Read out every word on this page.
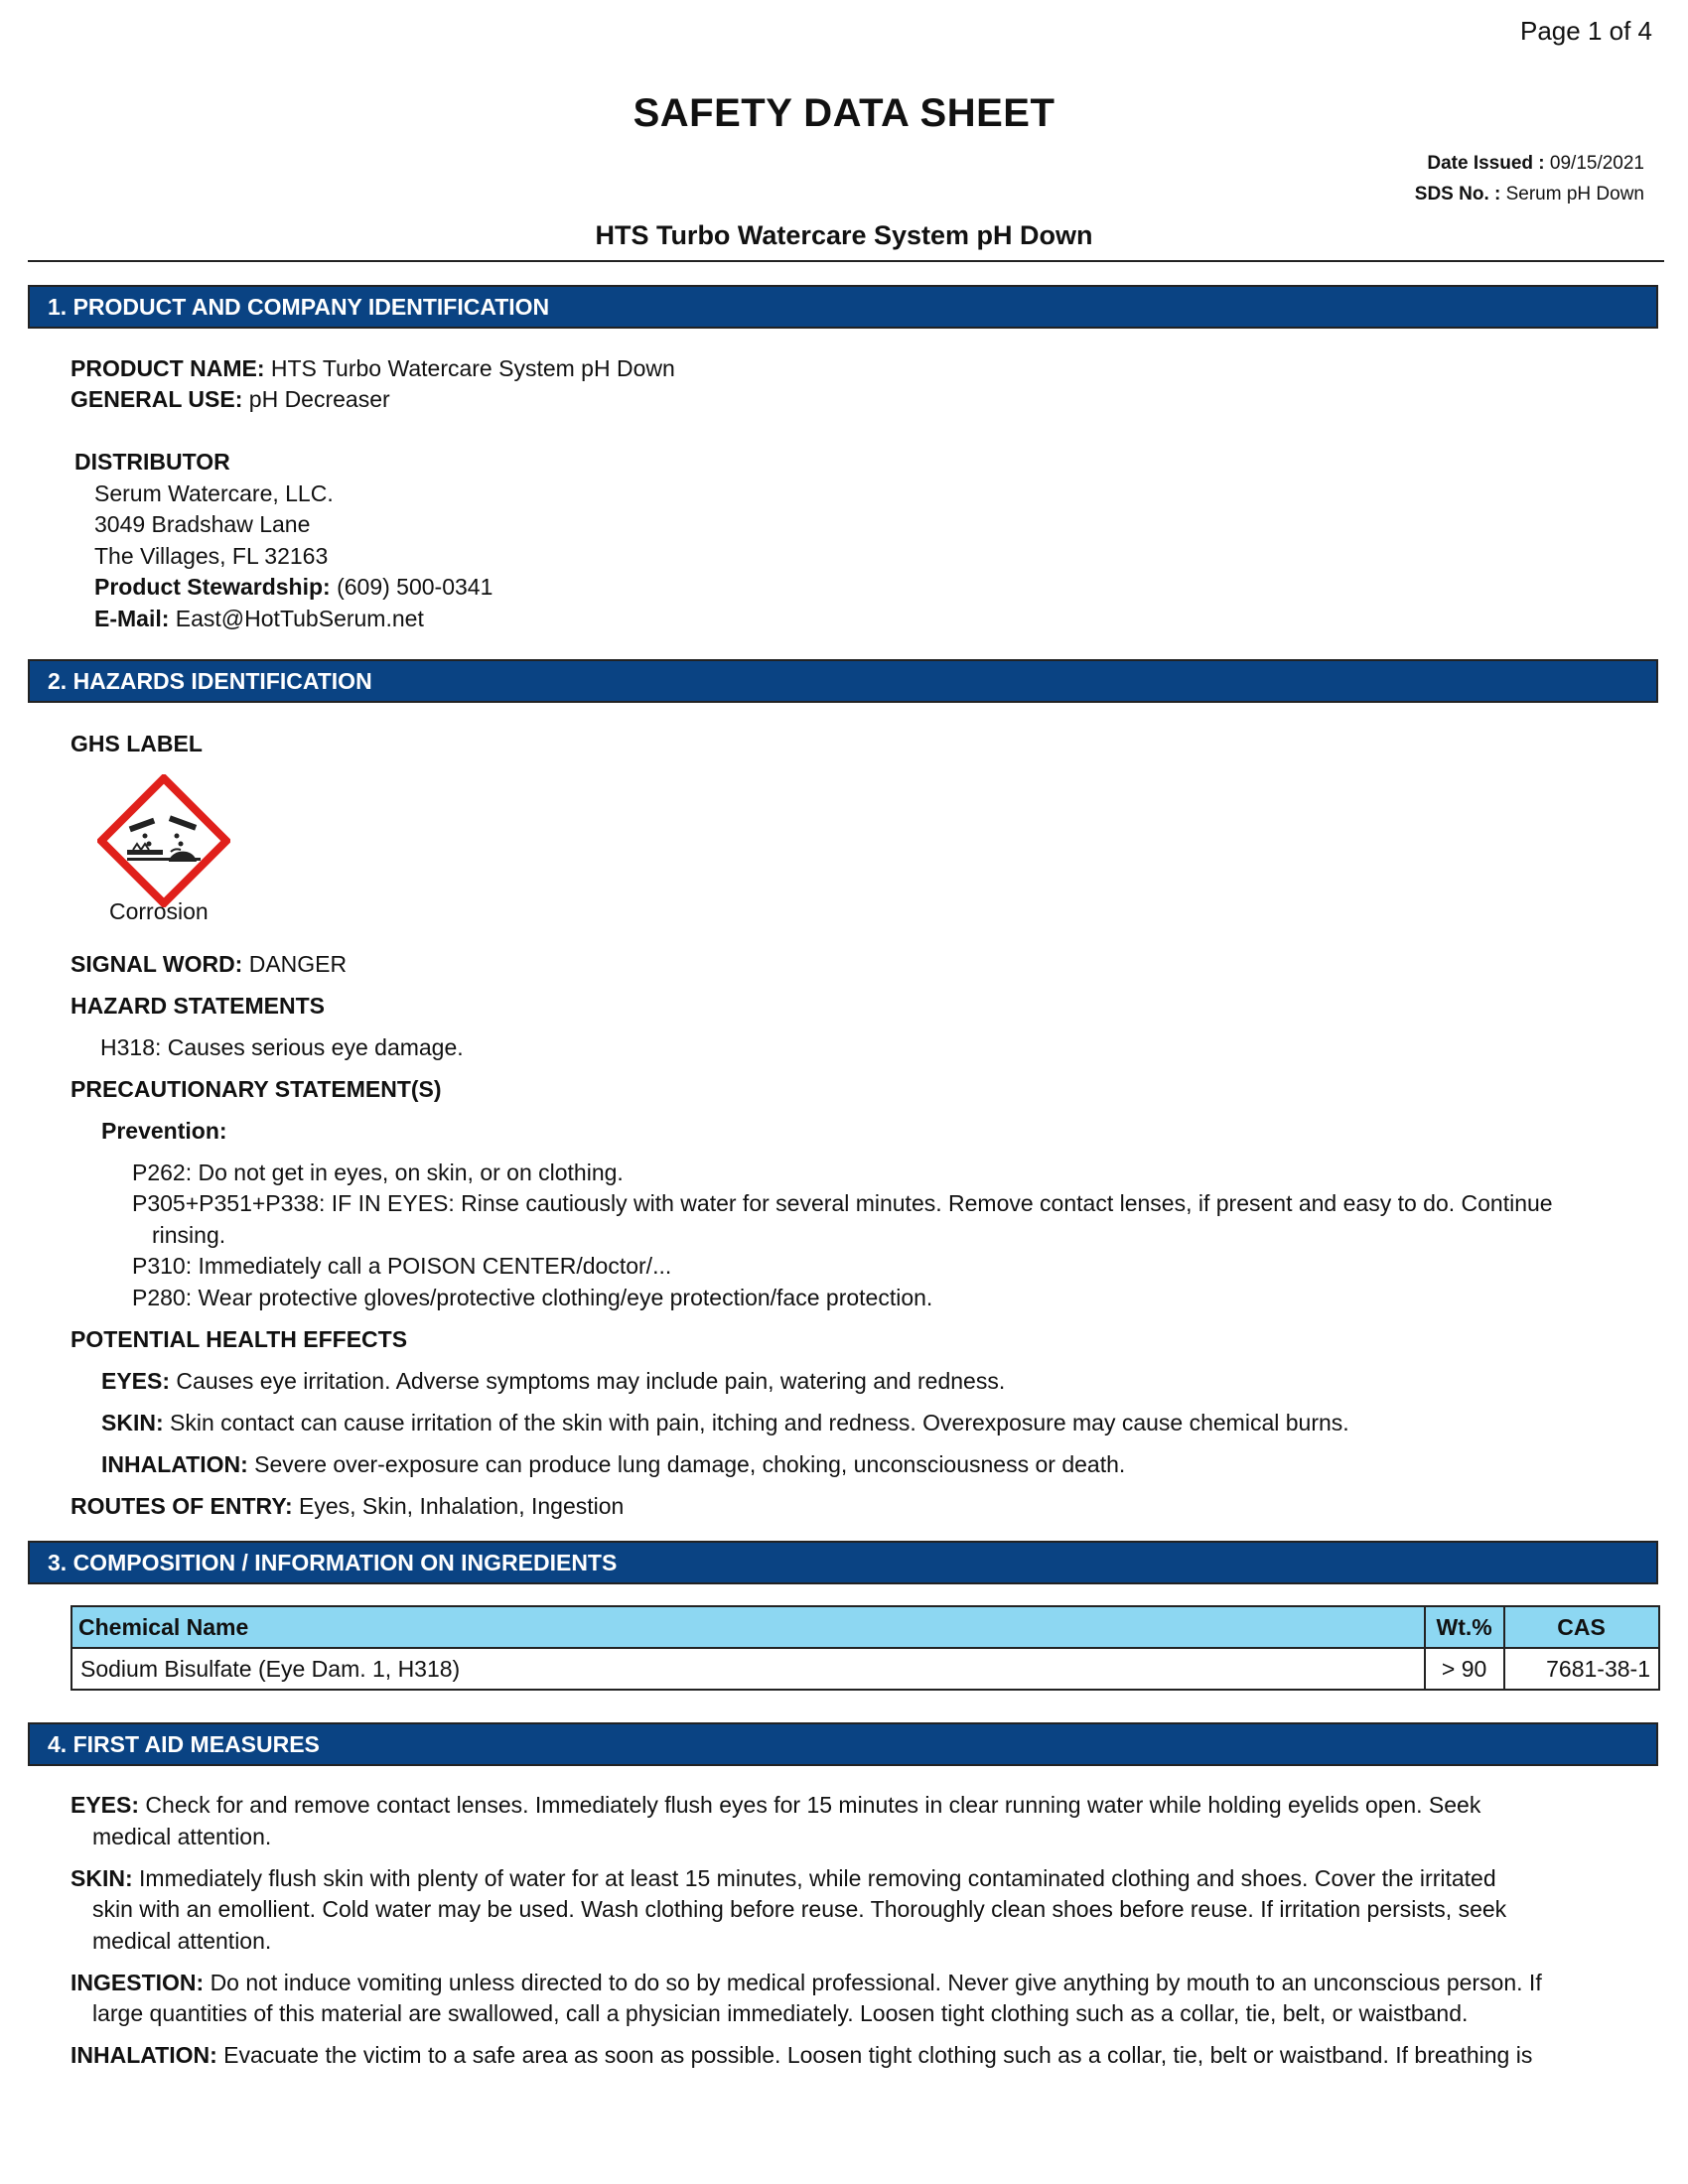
Page 1 of 4
SAFETY DATA SHEET
Date Issued : 09/15/2021
SDS No. : Serum pH Down
HTS Turbo Watercare System pH Down
1. PRODUCT AND COMPANY IDENTIFICATION
PRODUCT NAME: HTS Turbo Watercare System pH Down
GENERAL USE: pH Decreaser
DISTRIBUTOR
Serum Watercare, LLC.
3049 Bradshaw Lane
The Villages, FL 32163
Product Stewardship: (609) 500-0341
E-Mail: East@HotTubSerum.net
2. HAZARDS IDENTIFICATION
GHS LABEL
Corrosion
SIGNAL WORD: DANGER
HAZARD STATEMENTS
H318: Causes serious eye damage.
PRECAUTIONARY STATEMENT(S)
Prevention:
P262: Do not get in eyes, on skin, or on clothing.
P305+P351+P338: IF IN EYES: Rinse cautiously with water for several minutes. Remove contact lenses, if present and easy to do. Continue
rinsing.
P310: Immediately call a POISON CENTER/doctor/...
P280: Wear protective gloves/protective clothing/eye protection/face protection.
POTENTIAL HEALTH EFFECTS
EYES: Causes eye irritation. Adverse symptoms may include pain, watering and redness.
SKIN: Skin contact can cause irritation of the skin with pain, itching and redness. Overexposure may cause chemical burns.
INHALATION: Severe over-exposure can produce lung damage, choking, unconsciousness or death.
ROUTES OF ENTRY: Eyes, Skin, Inhalation, Ingestion
3. COMPOSITION / INFORMATION ON INGREDIENTS
Chemical Name	Wt.%	CAS
Sodium Bisulfate (Eye Dam. 1, H318)	> 90	7681-38-1
4. FIRST AID MEASURES
EYES: Check for and remove contact lenses. Immediately flush eyes for 15 minutes in clear running water while holding eyelids open. Seek
medical attention.
SKIN: Immediately flush skin with plenty of water for at least 15 minutes, while removing contaminated clothing and shoes. Cover the irritated
skin with an emollient. Cold water may be used. Wash clothing before reuse. Thoroughly clean shoes before reuse. If irritation persists, seek
medical attention.
INGESTION: Do not induce vomiting unless directed to do so by medical professional. Never give anything by mouth to an unconscious person. If
large quantities of this material are swallowed, call a physician immediately. Loosen tight clothing such as a collar, tie, belt, or waistband.
INHALATION: Evacuate the victim to a safe area as soon as possible. Loosen tight clothing such as a collar, tie, belt or waistband. If breathing is
